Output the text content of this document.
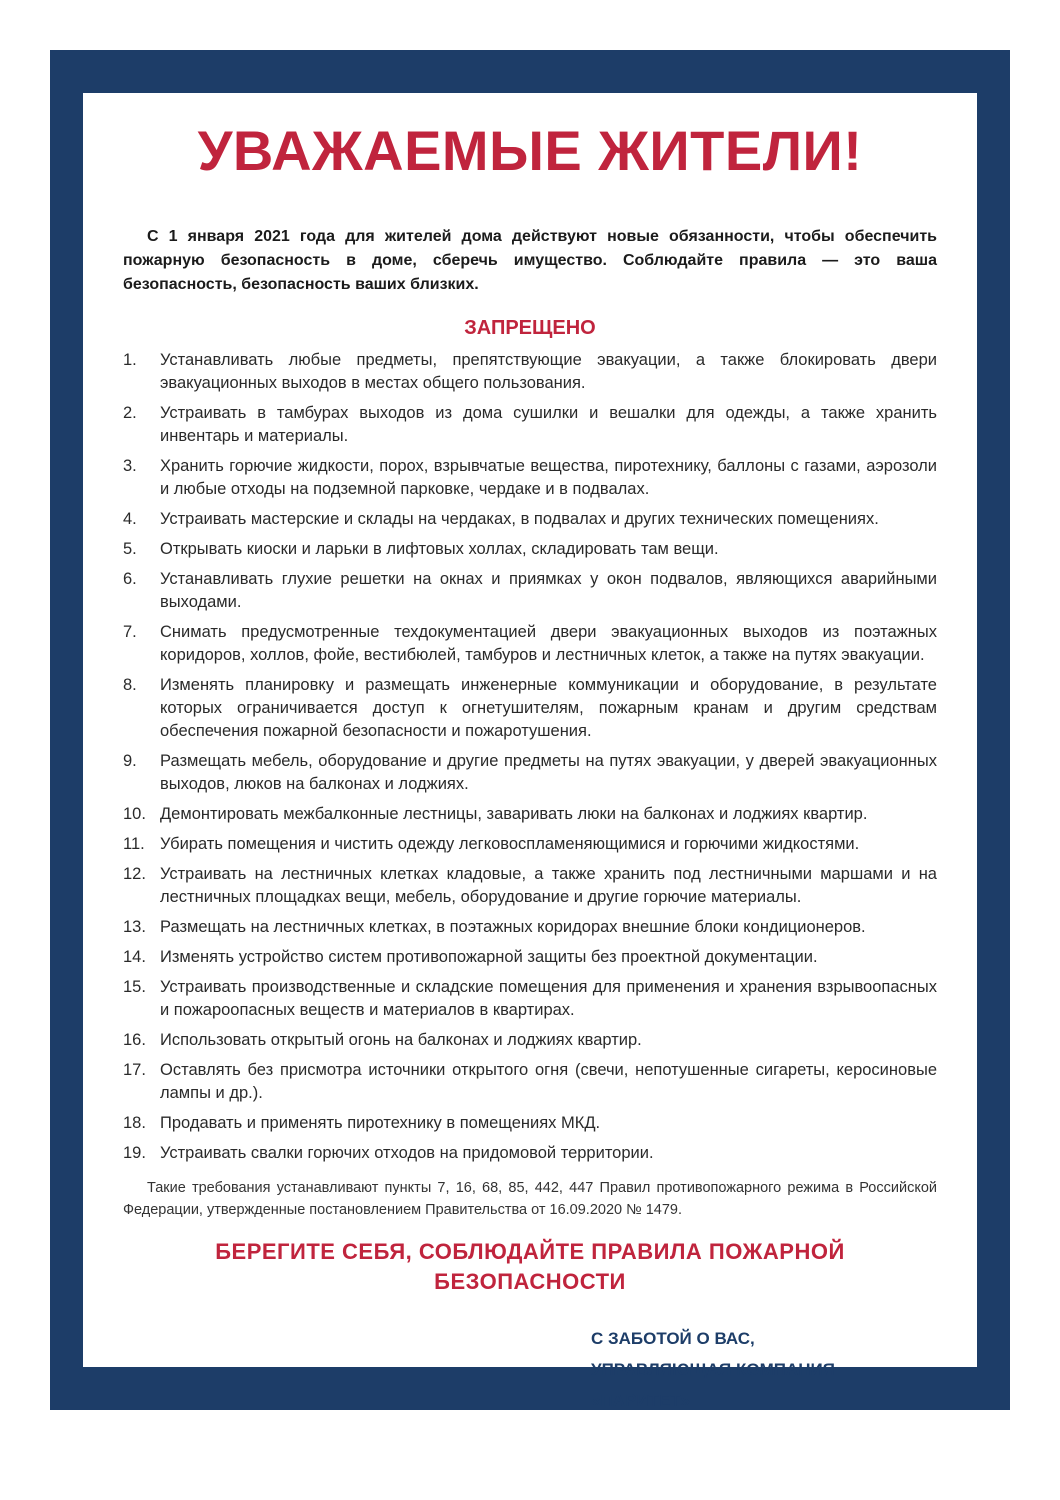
УВАЖАЕМЫЕ ЖИТЕЛИ!

С 1 января 2021 года для жителей дома действуют новые обязанности, чтобы обеспечить пожарную безопасность в доме, сберечь имущество. Соблюдайте правила — это ваша безопасность, безопасность ваших близких.

ЗАПРЕЩЕНО
1.	Устанавливать любые предметы, препятствующие эвакуации, а также блокировать двери эвакуационных выходов в местах общего пользования.
2.	Устраивать в тамбурах выходов из дома сушилки и вешалки для одежды, а также хранить инвентарь и материалы.
3.	Хранить горючие жидкости, порох, взрывчатые вещества, пиротехнику, баллоны с газами, аэрозоли и любые отходы на подземной парковке, чердаке и в подвалах.
4.	Устраивать мастерские и склады на чердаках, в подвалах и других технических помещениях.
5.	Открывать киоски и ларьки в лифтовых холлах, складировать там вещи.
6.	Устанавливать глухие решетки на окнах и приямках у окон подвалов, являющихся аварийными выходами.
7.	Снимать предусмотренные техдокументацией двери эвакуационных выходов из поэтажных коридоров, холлов, фойе, вестибюлей, тамбуров и лестничных клеток, а также на путях эвакуации.
8.	Изменять планировку и размещать инженерные коммуникации и оборудование, в результате которых ограничивается доступ к огнетушителям, пожарным кранам и другим средствам обеспечения пожарной безопасности и пожаротушения.
9.	Размещать мебель, оборудование и другие предметы на путях эвакуации, у дверей эвакуационных выходов, люков на балконах и лоджиях.
10. Демонтировать межбалконные лестницы, заваривать люки на балконах и лоджиях квартир.
11. Убирать помещения и чистить одежду легковоспламеняющимися и горючими жидкостями.
12. Устраивать на лестничных клетках кладовые, а также хранить под лестничными маршами и на лестничных площадках вещи, мебель, оборудование и другие горючие материалы.
13. Размещать на лестничных клетках, в поэтажных коридорах внешние блоки кондиционеров.
14. Изменять устройство систем противопожарной защиты без проектной документации.
15. Устраивать производственные и складские помещения для применения и хранения взрывоопасных и пожароопасных веществ и материалов в квартирах.
16. Использовать открытый огонь на балконах и лоджиях квартир.
17. Оставлять без присмотра источники открытого огня (свечи, непотушенные сигареты, керосиновые лампы и др.).
18. Продавать и применять пиротехнику в помещениях МКД.
19. Устраивать свалки горючих отходов на придомовой территории.

Такие требования устанавливают пункты 7, 16, 68, 85, 442, 447 Правил противопожарного режима в Российской Федерации, утвержденные постановлением Правительства от 16.09.2020 № 1479.

БЕРЕГИТЕ СЕБЯ, СОБЛЮДАЙТЕ ПРАВИЛА ПОЖАРНОЙ БЕЗОПАСНОСТИ
С ЗАБОТОЙ О ВАС,
УПРАВЛЯЮЩАЯ КОМПАНИЯ «ПАРИТЕТ»
